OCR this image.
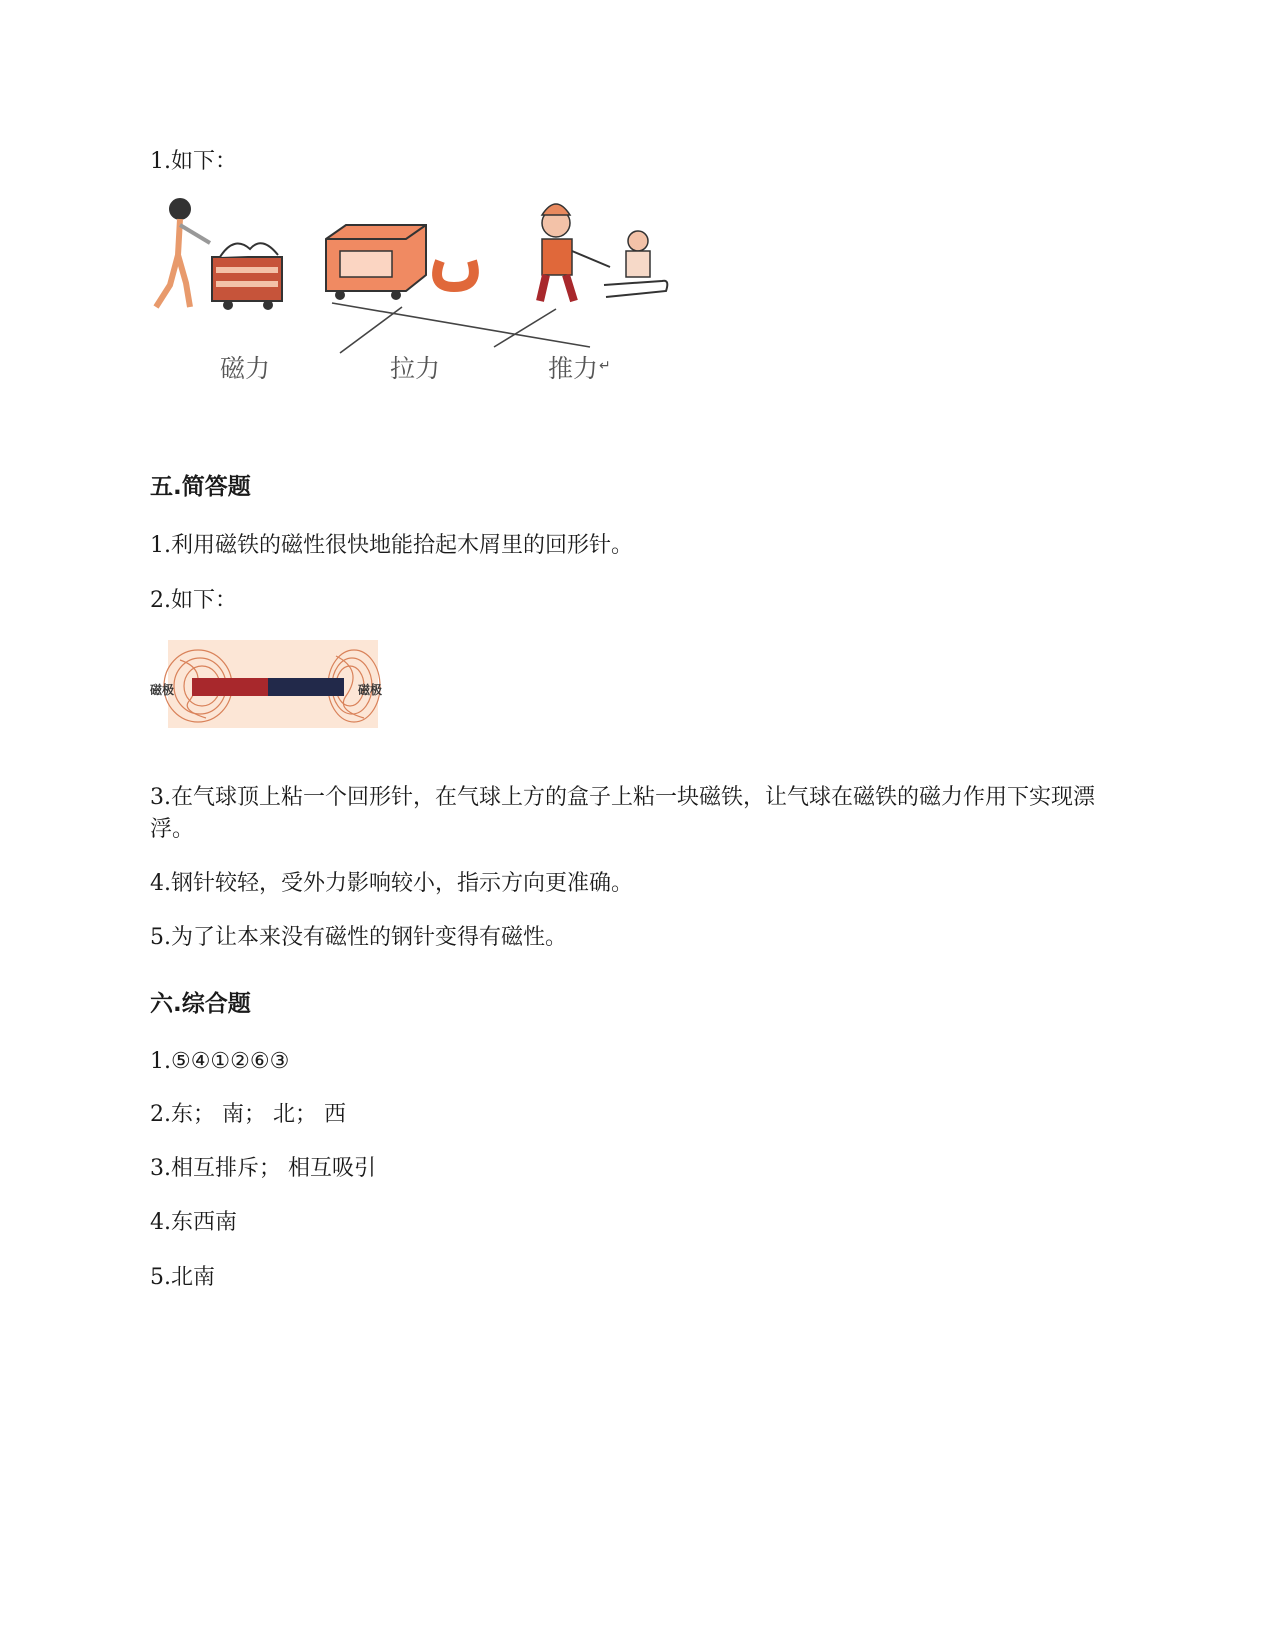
1.如下：
磁力	拉力	推力 ↵
五.简答题
1.利用磁铁的磁性很快地能拾起木屑里的回形针。
2.如下：
磁极	磁极
3.在气球顶上粘一个回形针，在气球上方的盒子上粘一块磁铁，让气球在磁铁的磁力作用下实现漂浮。
4.钢针较轻，受外力影响较小，指示方向更准确。
5.为了让本来没有磁性的钢针变得有磁性。
六.综合题
1.⑤④①②⑥③
2.东； 南； 北； 西
3.相互排斥； 相互吸引
4.东西南
5.北南
